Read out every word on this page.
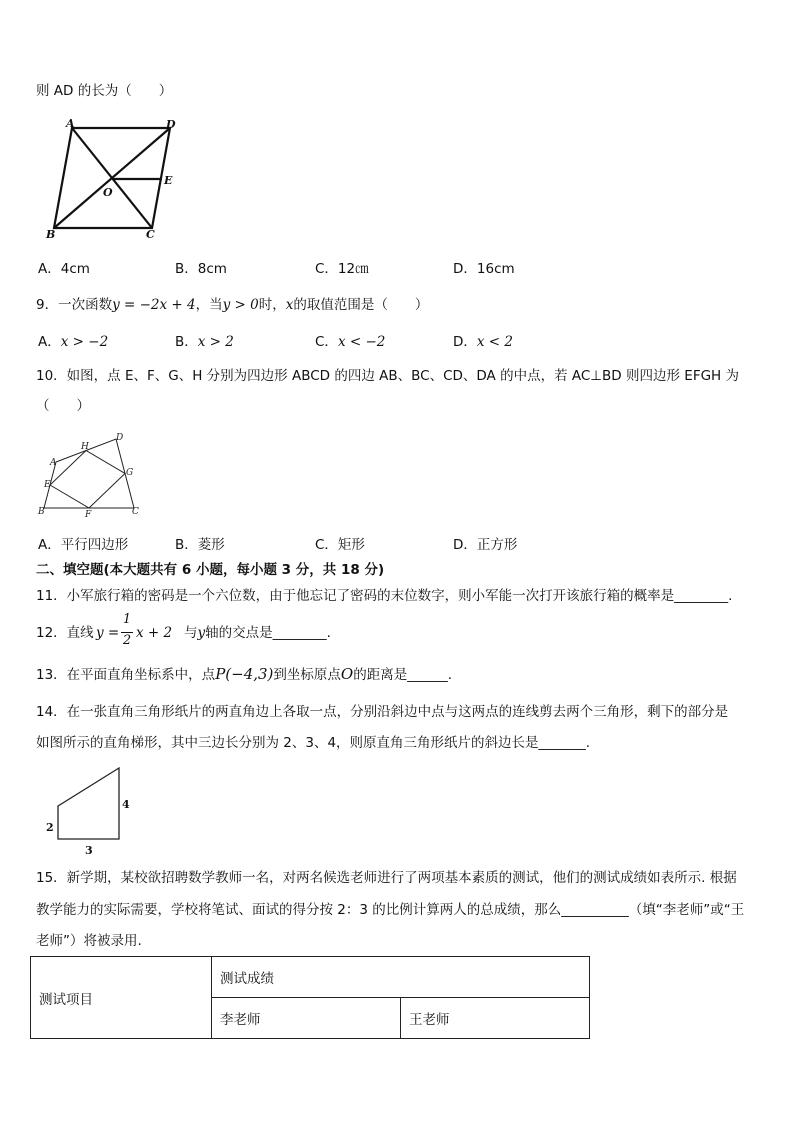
则 AD 的长为（　　）
A	D
O
E
B	C
A．4cm	B．8cm	C．12㎝	D．16cm
9．一次函数y = −2x + 4，当y > 0时，x的取值范围是（　　）
A．x > −2	B．x > 2	C．x < −2	D．x < 2
10．如图，点 E、F、G、H 分别为四边形 ABCD 的四边 AB、BC、CD、DA 的中点，若 AC⊥BD 则四边形 EFGH 为
（　　）
A
D
H
G
E
B	F	C
A．平行四边形	B．菱形	C．矩形	D．正方形
二、填空题(本大题共有 6 小题，每小题 3 分，共 18 分)
11．小军旅行箱的密码是一个六位数，由于他忘记了密码的末位数字，则小军能一次打开该旅行箱的概率是________.
12．直线 y =
1
2 x + 2 与y轴的交点是________.
13．在平面直角坐标系中，点P(−4,3)到坐标原点O的距离是______.
14．在一张直角三角形纸片的两直角边上各取一点，分别沿斜边中点与这两点的连线剪去两个三角形，剩下的部分是
如图所示的直角梯形，其中三边长分别为 2、3、4，则原直角三角形纸片的斜边长是_______.
2
4
3
15．新学期，某校欲招聘数学教师一名，对两名候选老师进行了两项基本素质的测试，他们的测试成绩如表所示. 根据
教学能力的实际需要，学校将笔试、面试的得分按 2：3 的比例计算两人的总成绩，那么__________（填“李老师”或“王
老师”）将被录用.
测试项目	测试成绩	
	李老师	王老师
